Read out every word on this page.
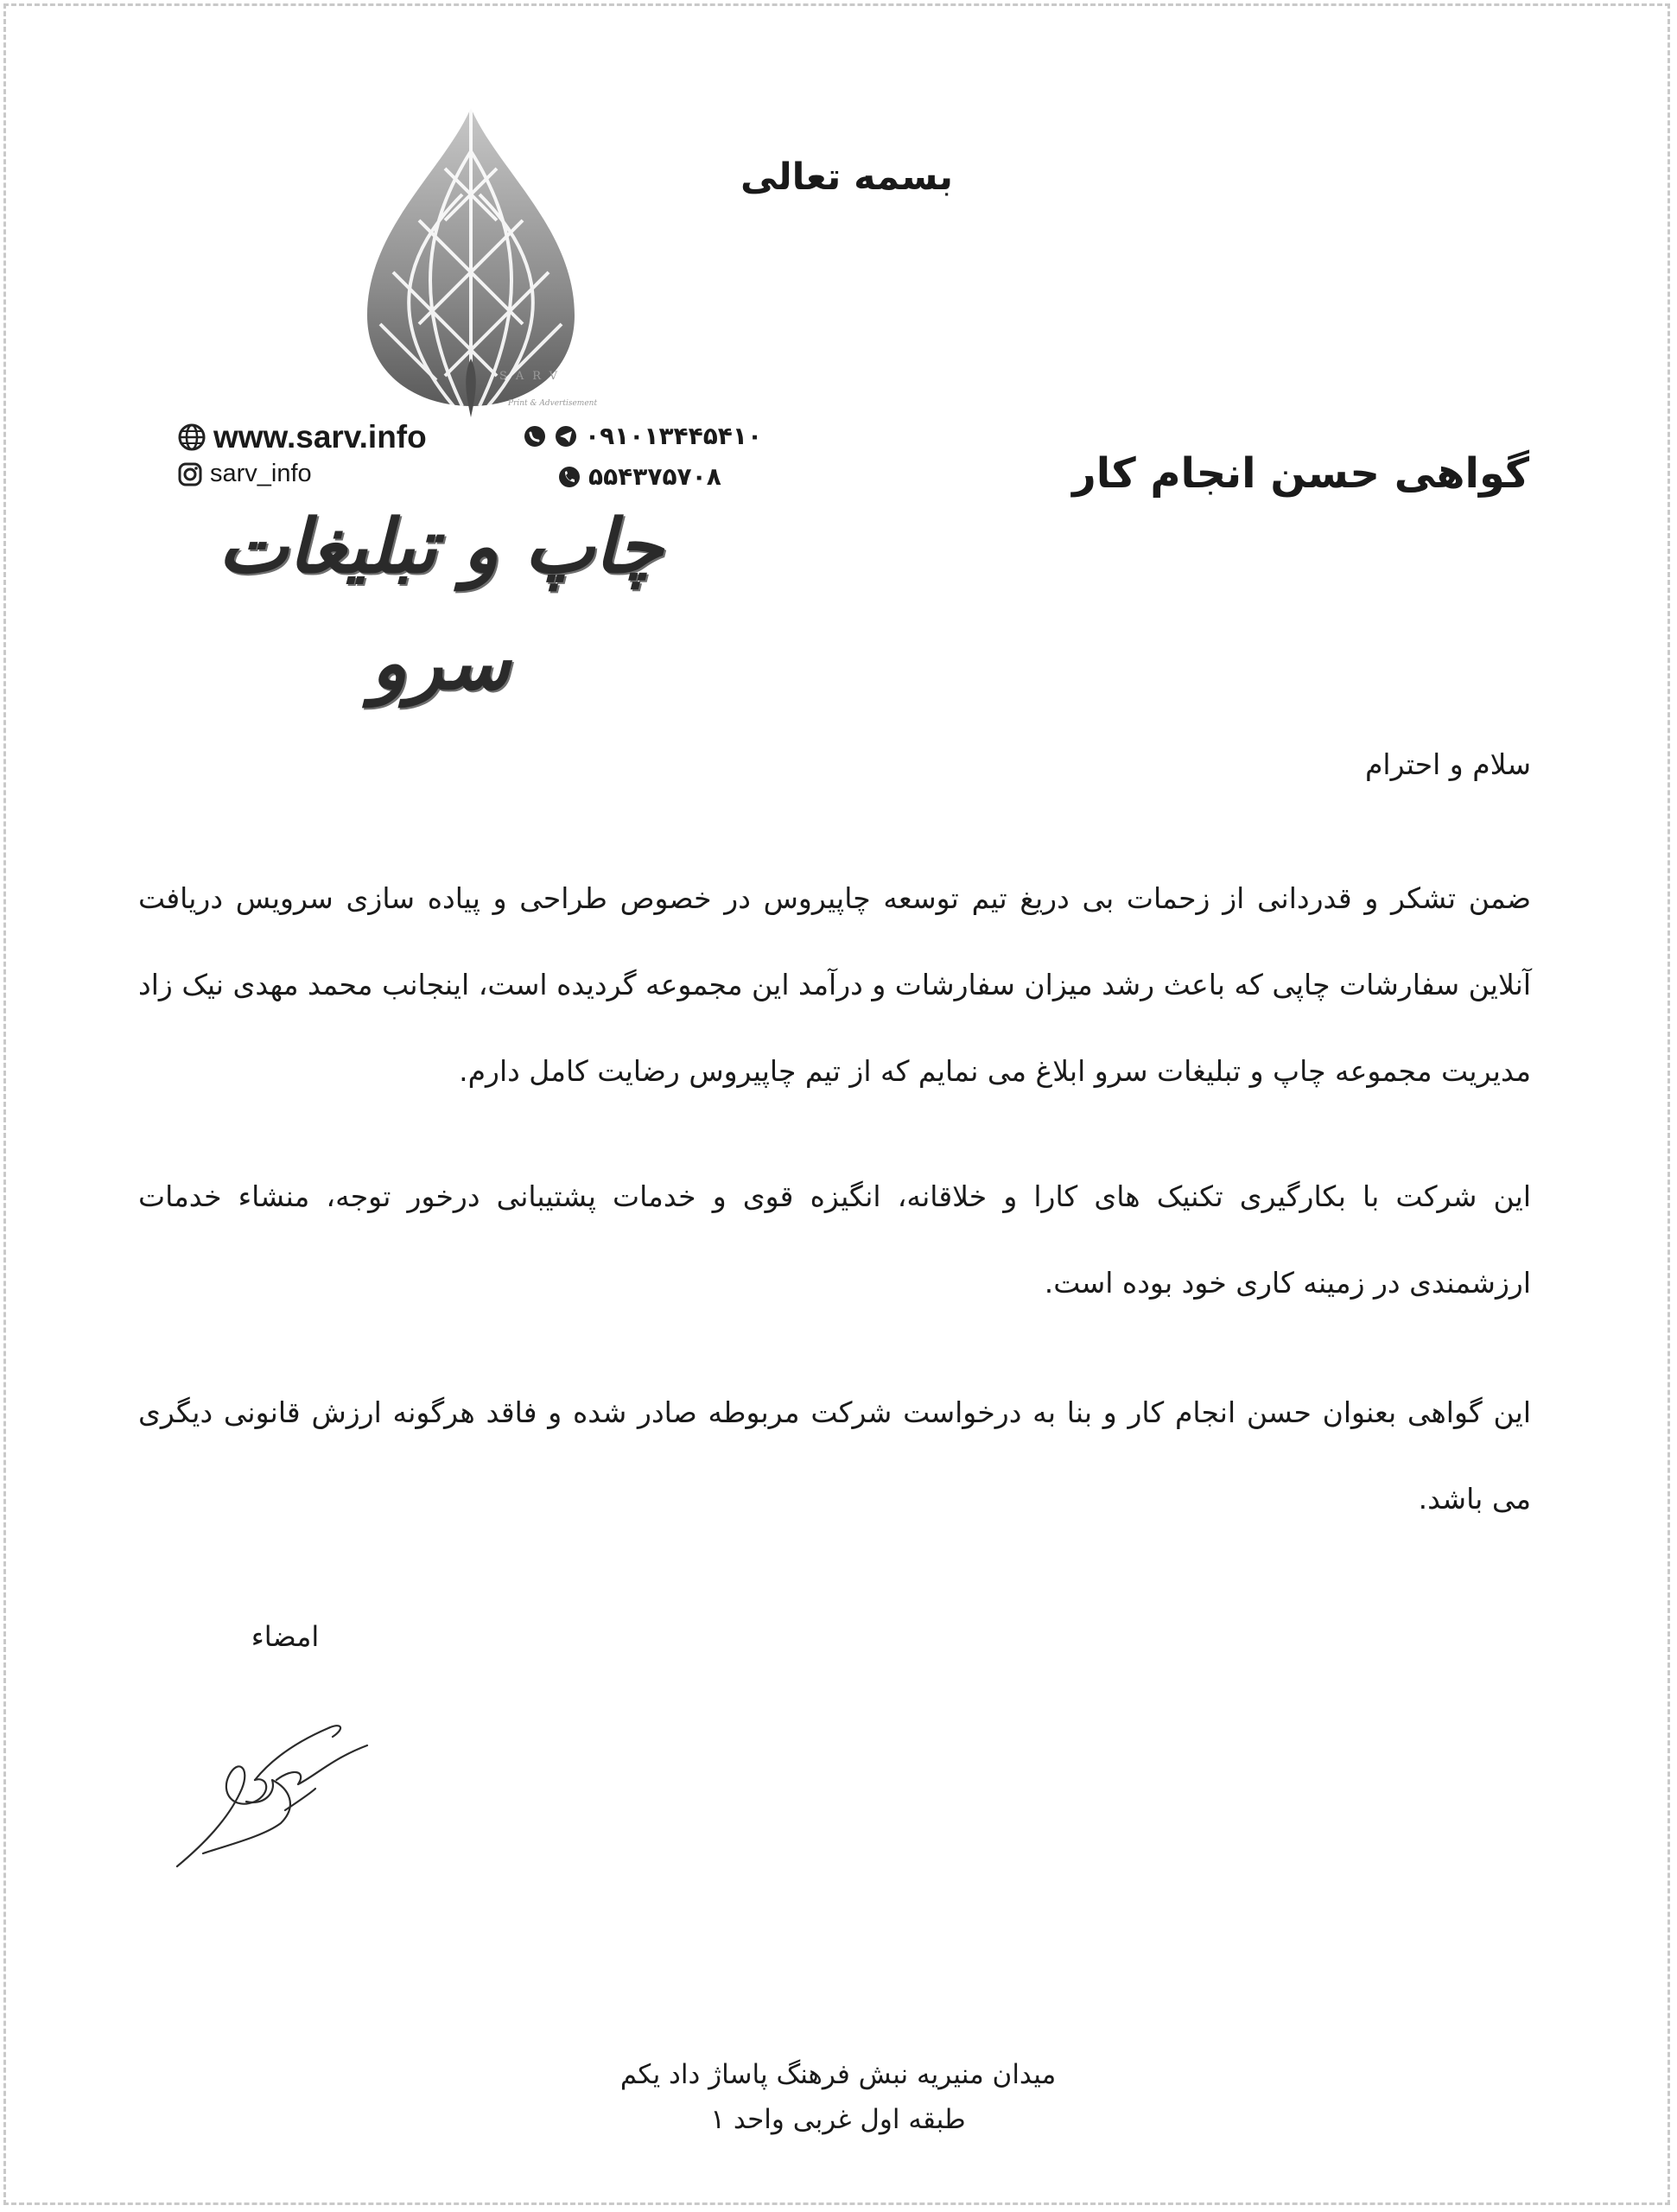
بسمه تعالی
SARV
Print & Advertisement
www.sarv.info
sarv_info
۰۹۱۰۱۳۴۴۵۴۱۰
۵۵۴۳۷۵۷۰۸
چاپ و تبلیغات سرو
گواهی حسن انجام کار
سلام و احترام
ضمن تشکر و قدردانی از زحمات بی دریغ تیم توسعه چاپیروس در خصوص طراحی و پیاده سازی سرویس دریافت آنلاین سفارشات چاپی که باعث رشد میزان سفارشات و درآمد این مجموعه گردیده است، اینجانب محمد مهدی نیک زاد مدیریت مجموعه چاپ و تبلیغات سرو ابلاغ می نمایم که از تیم چاپیروس رضایت کامل دارم.
این شرکت با بکارگیری تکنیک های کارا و خلاقانه، انگیزه قوی و خدمات پشتیبانی درخور توجه، منشاء خدمات ارزشمندی در زمینه کاری خود بوده است.
این گواهی بعنوان حسن انجام کار و بنا به درخواست شرکت مربوطه صادر شده و فاقد هرگونه ارزش قانونی دیگری می باشد.
امضاء
میدان منیریه نبش فرهنگ پاساژ داد یکم
طبقه اول غربی واحد ۱
